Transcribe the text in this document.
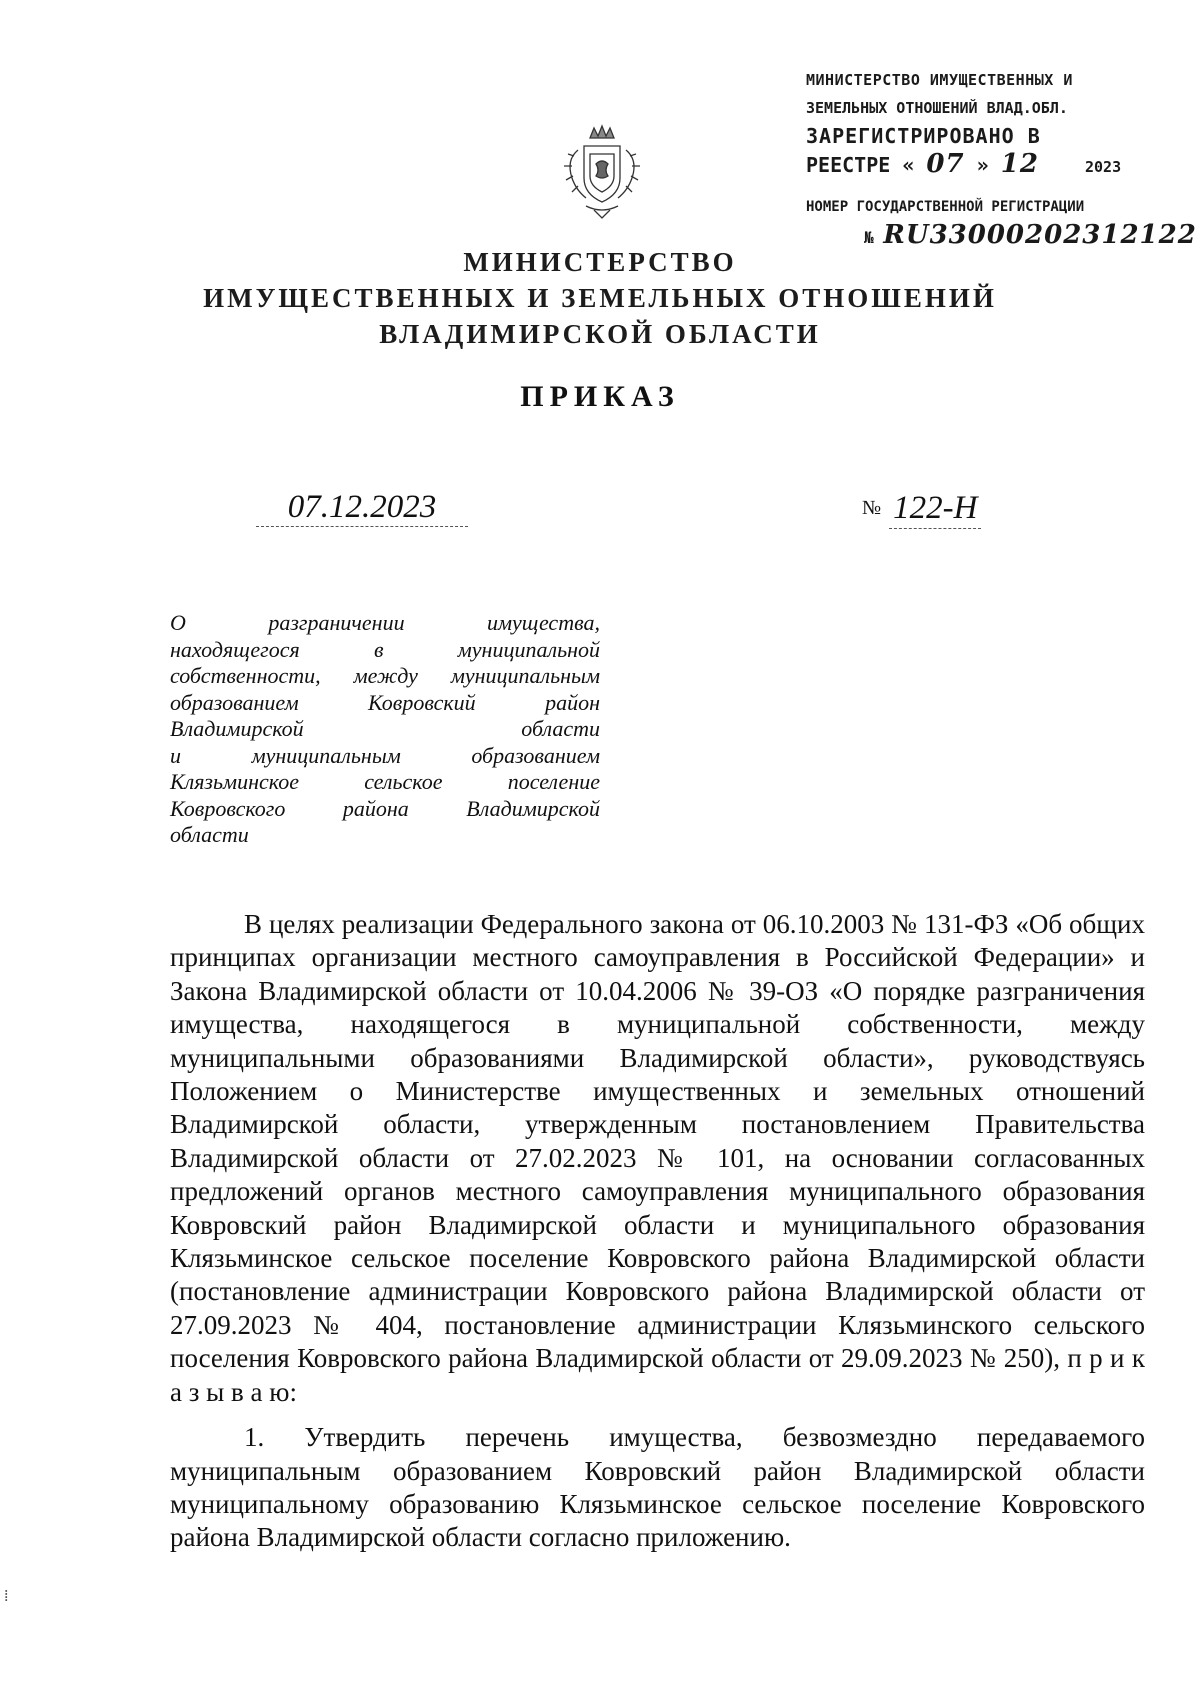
МИНИСТЕРСТВО ИМУЩЕСТВЕННЫХ И
ЗЕМЕЛЬНЫХ ОТНОШЕНИЙ ВЛАД.ОБЛ.
ЗАРЕГИСТРИРОВАНО В
РЕЕСТРЕ « 07 » 12	2023
НОМЕР ГОСУДАРСТВЕННОЙ РЕГИСТРАЦИИ
№ RU33000202312122
МИНИСТЕРСТВО
ИМУЩЕСТВЕННЫХ И ЗЕМЕЛЬНЫХ ОТНОШЕНИЙ
ВЛАДИМИРСКОЙ ОБЛАСТИ
ПРИКАЗ
07.12.2023	№ 122-Н
О разграничении имущества,
находящегося в муниципальной
собственности, между муниципальным
образованием Ковровский район
Владимирской области
и муниципальным образованием
Клязьминское сельское поселение
Ковровского района Владимирской
области

В целях реализации Федерального закона от 06.10.2003 № 131-ФЗ «Об общих принципах организации местного самоуправления в Российской Федерации» и Закона Владимирской области от 10.04.2006 № 39-ОЗ «О порядке разграничения имущества, находящегося в муниципальной собственности, между муниципальными образованиями Владимирской области», руководствуясь Положением о Министерстве имущественных и земельных отношений Владимирской области, утвержденным постановлением Правительства Владимирской области от 27.02.2023 № 101, на основании согласованных предложений органов местного самоуправления муниципального образования Ковровский район Владимирской области и муниципального образования Клязьминское сельское поселение Ковровского района Владимирской области (постановление администрации Ковровского района Владимирской области от 27.09.2023 № 404, постановление администрации Клязьминского сельского поселения Ковровского района Владимирской области от 29.09.2023 № 250), п р и к а з ы в а ю:

1. Утвердить перечень имущества, безвозмездно передаваемого муниципальным образованием Ковровский район Владимирской области муниципальному образованию Клязьминское сельское поселение Ковровского района Владимирской области согласно приложению.

⁞
